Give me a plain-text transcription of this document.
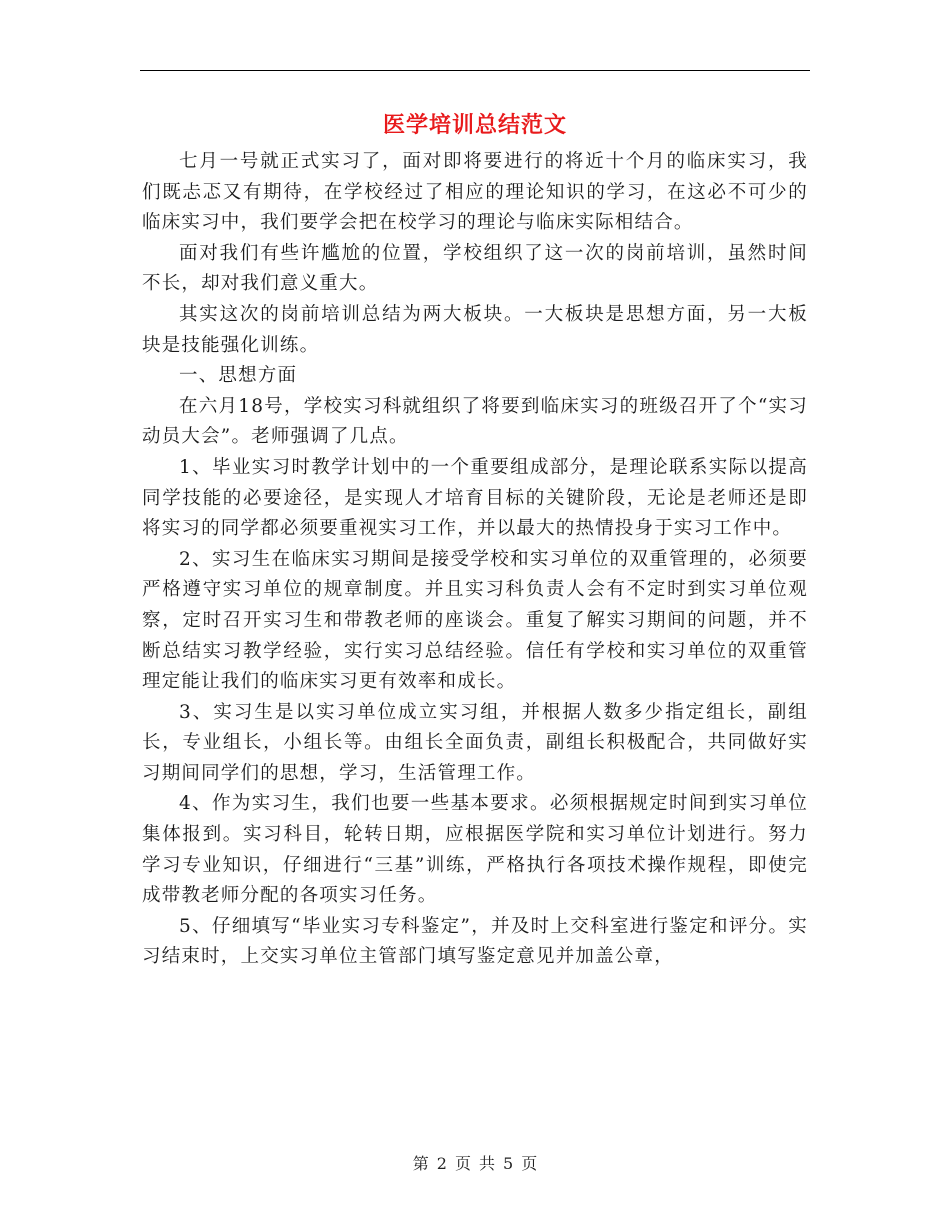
医学培训总结范文

七月一号就正式实习了，面对即将要进行的将近十个月的临床实习，我们既忐忑又有期待，在学校经过了相应的理论知识的学习，在这必不可少的临床实习中，我们要学会把在校学习的理论与临床实际相结合。

面对我们有些许尴尬的位置，学校组织了这一次的岗前培训，虽然时间不长，却对我们意义重大。

其实这次的岗前培训总结为两大板块。一大板块是思想方面，另一大板块是技能强化训练。

一、思想方面

在六月18号，学校实习科就组织了将要到临床实习的班级召开了个“实习动员大会”。老师强调了几点。

1、毕业实习时教学计划中的一个重要组成部分，是理论联系实际以提高同学技能的必要途径，是实现人才培育目标的关键阶段，无论是老师还是即将实习的同学都必须要重视实习工作，并以最大的热情投身于实习工作中。

2、实习生在临床实习期间是接受学校和实习单位的双重管理的，必须要严格遵守实习单位的规章制度。并且实习科负责人会有不定时到实习单位观察，定时召开实习生和带教老师的座谈会。重复了解实习期间的问题，并不断总结实习教学经验，实行实习总结经验。信任有学校和实习单位的双重管理定能让我们的临床实习更有效率和成长。

3、实习生是以实习单位成立实习组，并根据人数多少指定组长，副组长，专业组长，小组长等。由组长全面负责，副组长积极配合，共同做好实习期间同学们的思想，学习，生活管理工作。

4、作为实习生，我们也要一些基本要求。必须根据规定时间到实习单位集体报到。实习科目，轮转日期，应根据医学院和实习单位计划进行。努力学习专业知识，仔细进行“三基”训练，严格执行各项技术操作规程，即使完成带教老师分配的各项实习任务。

5、仔细填写“毕业实习专科鉴定”，并及时上交科室进行鉴定和评分。实习结束时，上交实习单位主管部门填写鉴定意见并加盖公章，

第 2 页 共 5 页
